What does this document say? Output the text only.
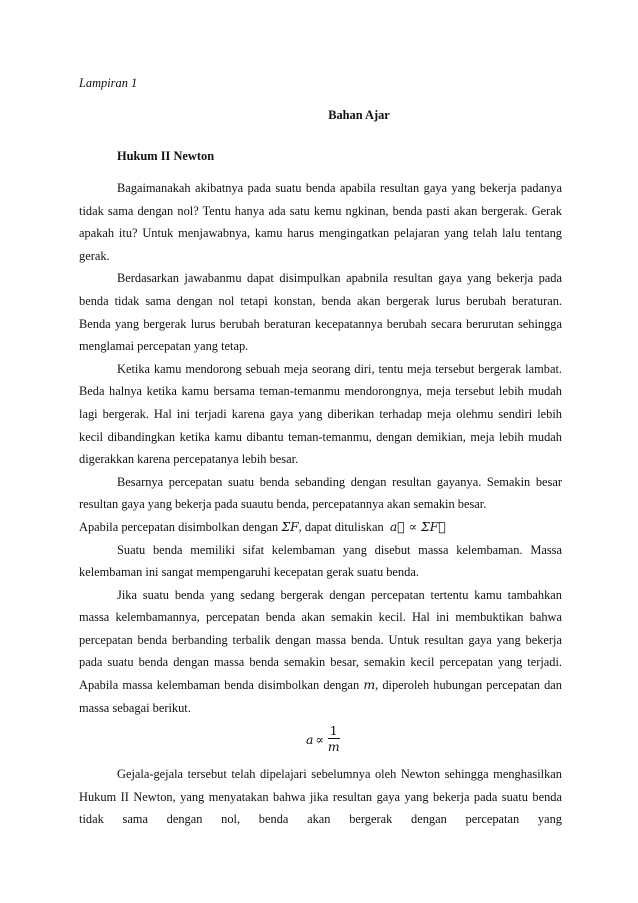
Lampiran 1
Bahan Ajar
Hukum II Newton

Bagaimanakah akibatnya pada suatu benda apabila resultan gaya yang bekerja padanya tidak sama dengan nol? Tentu hanya ada satu kemu ngkinan, benda pasti akan bergerak. Gerak apakah itu? Untuk menjawabnya, kamu harus mengingatkan pelajaran yang telah lalu tentang gerak.

Berdasarkan jawabanmu dapat disimpulkan apabnila resultan gaya yang bekerja pada benda tidak sama dengan nol tetapi konstan, benda akan bergerak lurus berubah beraturan. Benda yang bergerak lurus berubah beraturan kecepatannya berubah secara berurutan sehingga menglamai percepatan yang tetap.

Ketika kamu mendorong sebuah meja seorang diri, tentu meja tersebut bergerak lambat. Beda halnya ketika kamu bersama teman-temanmu mendorongnya, meja tersebut lebih mudah lagi bergerak. Hal ini terjadi karena gaya yang diberikan terhadap meja olehmu sendiri lebih kecil dibandingkan ketika kamu dibantu teman-temanmu, dengan demikian, meja lebih mudah digerakkan karena percepatanya lebih besar.

Besarnya percepatan suatu benda sebanding dengan resultan gayanya. Semakin besar resultan gaya yang bekerja pada suautu benda, percepatannya akan semakin besar.

Apabila percepatan disimbolkan dengan ΣF, dapat dituliskan  a⃗ ∝ ΣF⃗

Suatu benda memiliki sifat kelembaman yang disebut massa kelembaman. Massa kelembaman ini sangat mempengaruhi kecepatan gerak suatu benda.

Jika suatu benda yang sedang bergerak dengan percepatan tertentu kamu tambahkan massa kelembamannya, percepatan benda akan semakin kecil. Hal ini membuktikan bahwa percepatan benda berbanding terbalik dengan massa benda. Untuk resultan gaya yang bekerja pada suatu benda dengan massa benda semakin besar, semakin kecil percepatan yang terjadi. Apabila massa kelembaman benda disimbolkan dengan m, diperoleh hubungan percepatan dan massa sebagai berikut.

$a \propto \frac{1}{m}$

Gejala-gejala tersebut telah dipelajari sebelumnya oleh Newton sehingga menghasilkan Hukum II Newton, yang menyatakan bahwa jika resultan gaya yang bekerja pada suatu benda tidak sama dengan nol, benda akan bergerak dengan percepatan yang
